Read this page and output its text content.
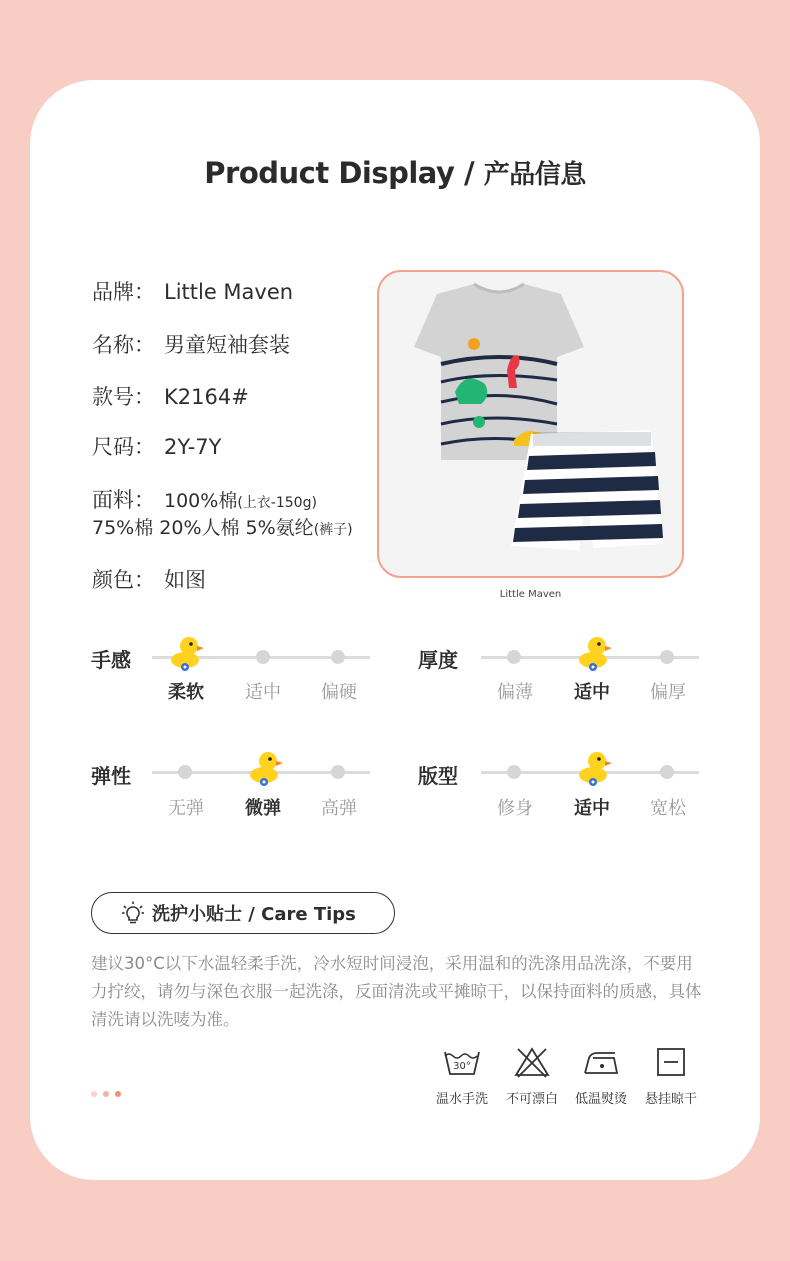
Product Display / 产品信息
品牌： Little Maven
名称： 男童短袖套装
款号： K2164#
尺码： 2Y-7Y
面料： 100%棉(上衣-150g)
75%棉 20%人棉 5%氨纶(裤子)
颜色： 如图
Little Maven
手感
柔软	适中	偏硬
厚度
偏薄	适中	偏厚
弹性
无弹	微弹	高弹
版型
修身	适中	宽松
洗护小贴士 / Care Tips
建议30°C以下水温轻柔手洗，冷水短时间浸泡，采用温和的洗涤用品洗涤，不要用力拧绞，请勿与深色衣服一起洗涤，反面清洗或平摊晾干，以保持面料的质感，具体清洗请以洗唛为准。
30°
温水手洗	不可漂白	低温熨烫	悬挂晾干
